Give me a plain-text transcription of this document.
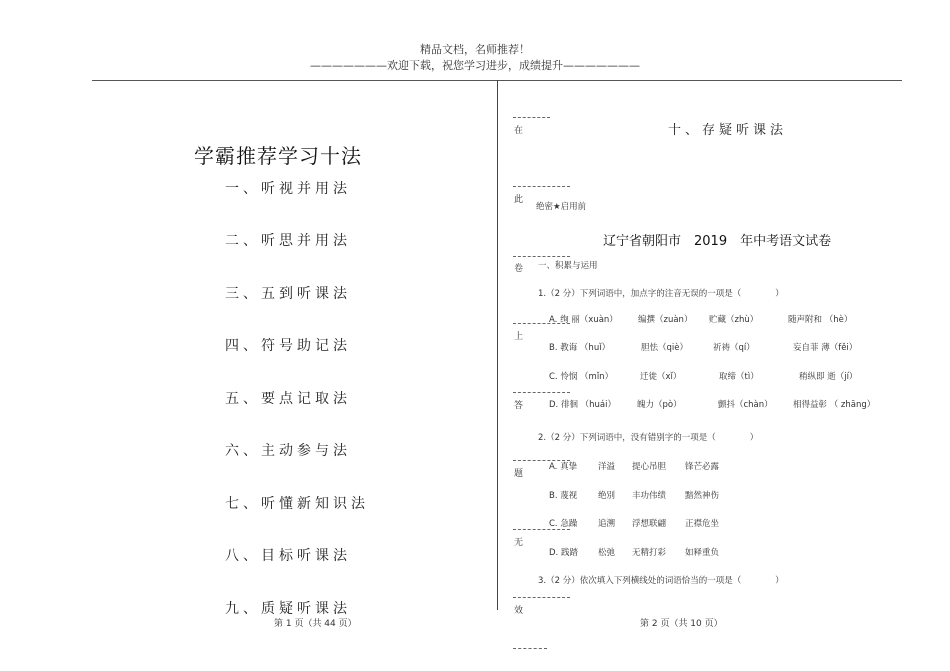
精品文档，名师推荐！
———————欢迎下载，祝您学习进步，成绩提升———————
学霸推荐学习十法
一、听视并用法
二、听思并用法
三、五到听课法
四、符号助记法
五、要点记取法
六、主动参与法
七、听懂新知识法
八、目标听课法
九、质疑听课法
第 1 页（共 44 页）
在
此
卷
上
答
题
无
效
十、存疑听课法
绝密★启用前
辽宁省朝阳市　2019　年中考语文试卷
一、积累与运用
1.（2 分）下列词语中，加点字的注音无误的一项是（　　　　）
A. 绚 丽（xuàn） 编撰（zuàn） 贮藏（zhù）	随声附和 （hè）
B. 教诲 （huǐ）	胆怯（qiè）	祈祷（qí）	妄自菲 薄（fěi）
C. 怜悯 （mǐn）	迁徙（xǐ）	取缔（tì）	稍纵即 逝（jí）
D. 徘徊 （huái） 魄力（pò）	颤抖（chàn） 相得益彰 （ zhāng）
2.（2 分）下列词语中，没有错别字的一项是（　　　　）
A. 真挚 洋溢 提心吊胆 锋芒必露
B. 蔑视 绝別 丰功伟绩 黯然神伤
C. 急躁 追溯 浮想联翩 正襟危坐
D. 践踏 松弛 无精打彩 如释重负
3.（2 分）依次填入下列横线处的词语恰当的一项是（　　　　）
第 2 页（共 10 页）
